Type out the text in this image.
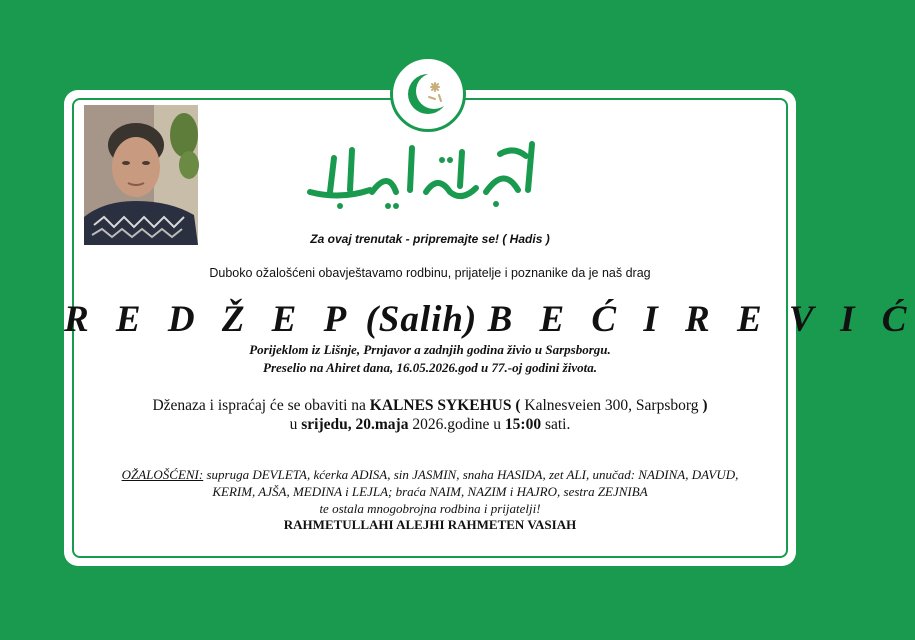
Za ovaj trenutak - pripremajte se! ( Hadis )
Duboko ožalošćeni obavještavamo rodbinu, prijatelje i poznanike da je naš drag
R E D Ž E P (Salih) B E Ć I R E V I Ć
Porijeklom iz Lišnje, Prnjavor a zadnjih godina živio u Sarpsborgu.
Preselio na Ahiret dana, 16.05.2026.god u 77.-oj godini života.
Dženaza i ispraćaj će se obaviti na KALNES SYKEHUS ( Kalnesveien 300, Sarpsborg )
u srijedu, 20.maja 2026.godine u 15:00 sati.
OŽALOŠĆENI: supruga DEVLETA, kćerka ADISA, sin JASMIN, snaha HASIDA, zet ALI, unučad: NADINA, DAVUD,
KERIM, AJŠA, MEDINA i LEJLA; braća NAIM, NAZIM i HAJRO, sestra ZEJNIBA
te ostala mnogobrojna rodbina i prijatelji!
RAHMETULLAHI ALEJHI RAHMETEN VASIAH
